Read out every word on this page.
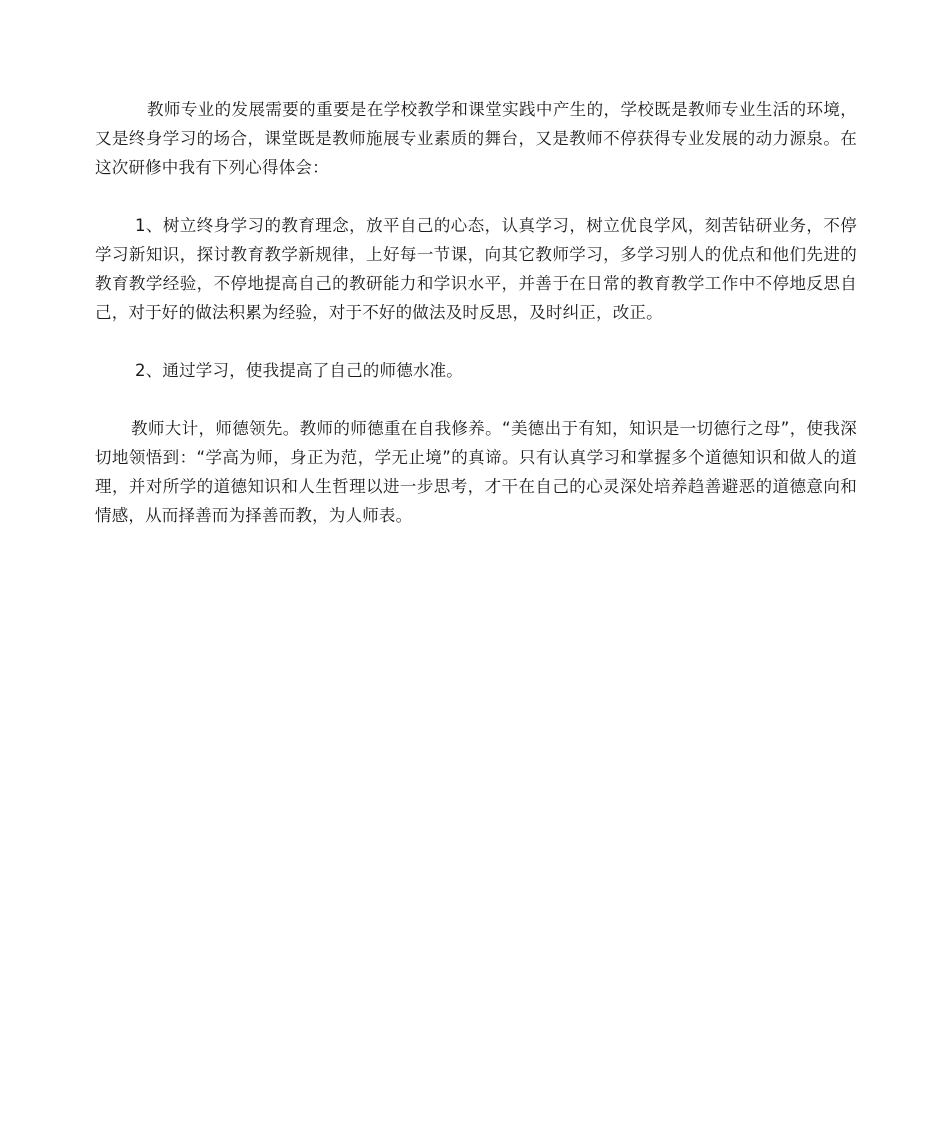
教师专业的发展需要的重要是在学校教学和课堂实践中产生的，学校既是教师专业生活的环境，又是终身学习的场合，课堂既是教师施展专业素质的舞台，又是教师不停获得专业发展的动力源泉。在这次研修中我有下列心得体会：

1、树立终身学习的教育理念，放平自己的心态，认真学习，树立优良学风，刻苦钻研业务，不停学习新知识，探讨教育教学新规律，上好每一节课，向其它教师学习，多学习别人的优点和他们先进的教育教学经验，不停地提高自己的教研能力和学识水平，并善于在日常的教育教学工作中不停地反思自己，对于好的做法积累为经验，对于不好的做法及时反思，及时纠正，改正。

2、通过学习，使我提高了自己的师德水准。

教师大计，师德领先。教师的师德重在自我修养。“美德出于有知，知识是一切德行之母”，使我深切地领悟到：“学高为师，身正为范，学无止境”的真谛。只有认真学习和掌握多个道德知识和做人的道理，并对所学的道德知识和人生哲理以进一步思考，才干在自己的心灵深处培养趋善避恶的道德意向和情感，从而择善而为择善而教，为人师表。
